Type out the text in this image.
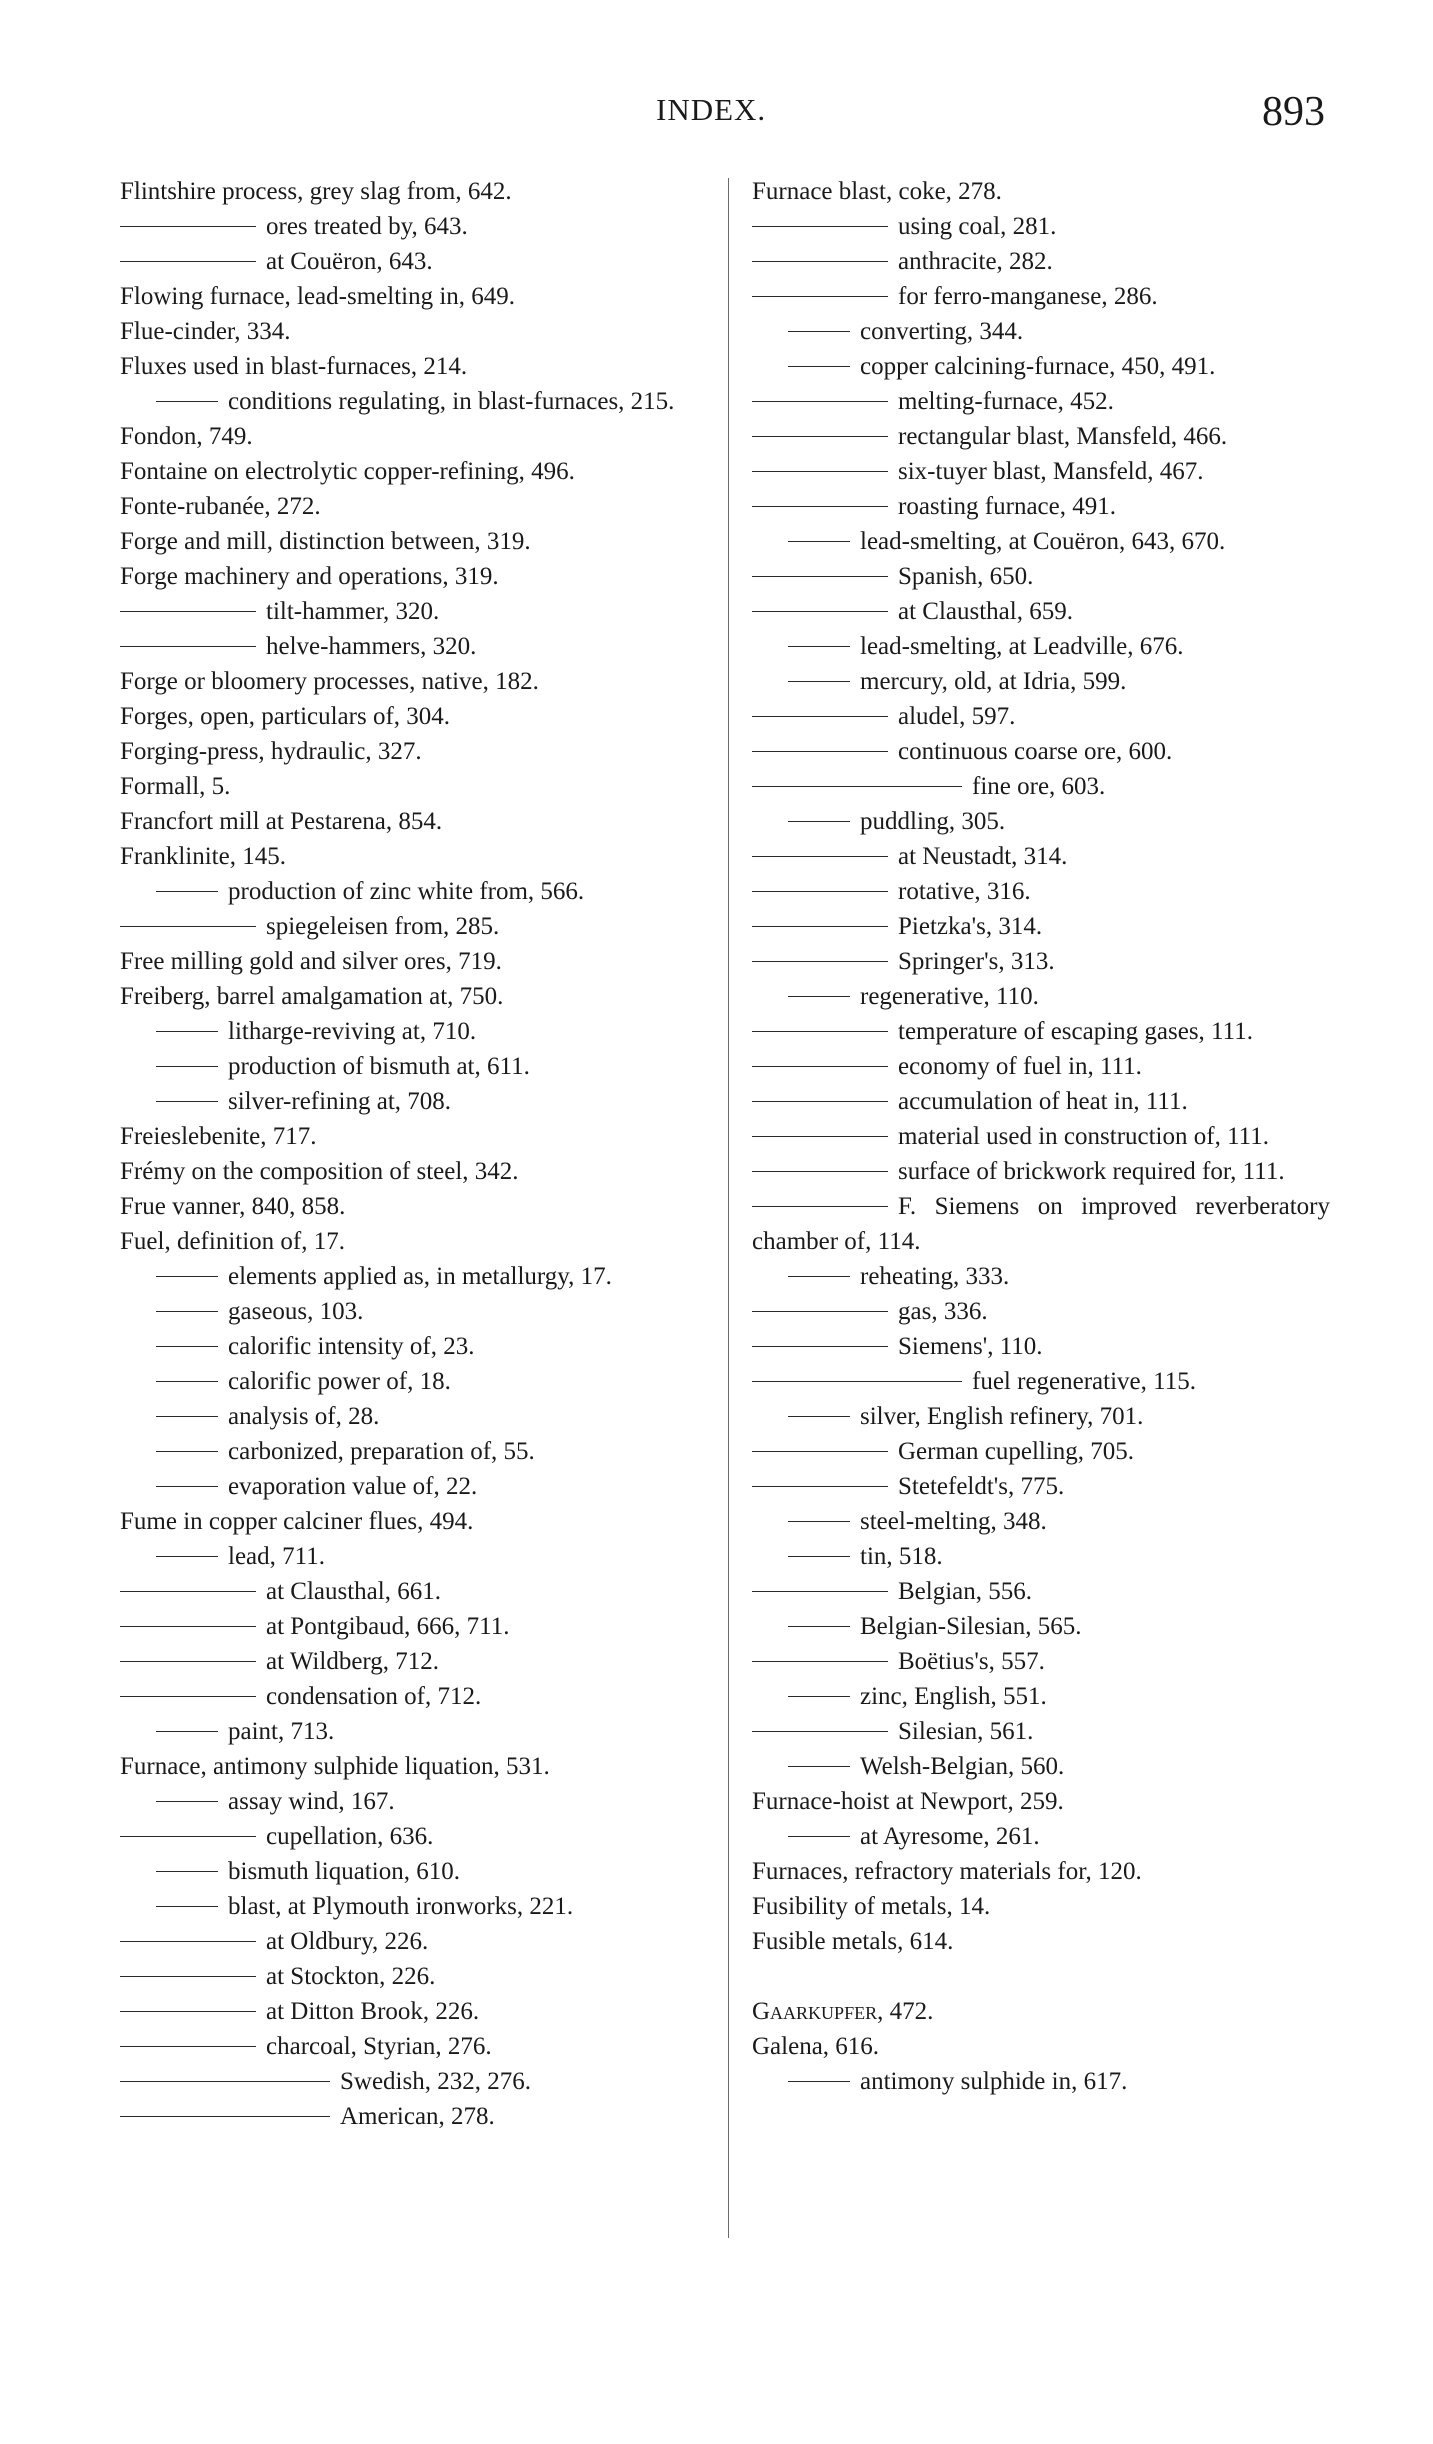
INDEX.	893
Flintshire process, grey slag from, 642.
ores treated by, 643.
at Couëron, 643.
Flowing furnace, lead-smelting in, 649.
Flue-cinder, 334.
Fluxes used in blast-furnaces, 214.
conditions regulating, in blast-furnaces, 215.
Fondon, 749.
Fontaine on electrolytic copper-refining, 496.
Fonte-rubanée, 272.
Forge and mill, distinction between, 319.
Forge machinery and operations, 319.
tilt-hammer, 320.
helve-hammers, 320.
Forge or bloomery processes, native, 182.
Forges, open, particulars of, 304.
Forging-press, hydraulic, 327.
Formall, 5.
Francfort mill at Pestarena, 854.
Franklinite, 145.
production of zinc white from, 566.
spiegeleisen from, 285.
Free milling gold and silver ores, 719.
Freiberg, barrel amalgamation at, 750.
litharge-reviving at, 710.
production of bismuth at, 611.
silver-refining at, 708.
Freieslebenite, 717.
Frémy on the composition of steel, 342.
Frue vanner, 840, 858.
Fuel, definition of, 17.
elements applied as, in metallurgy, 17.
gaseous, 103.
calorific intensity of, 23.
calorific power of, 18.
analysis of, 28.
carbonized, preparation of, 55.
evaporation value of, 22.
Fume in copper calciner flues, 494.
lead, 711.
at Clausthal, 661.
at Pontgibaud, 666, 711.
at Wildberg, 712.
condensation of, 712.
paint, 713.
Furnace, antimony sulphide liquation, 531.
assay wind, 167.
cupellation, 636.
bismuth liquation, 610.
blast, at Plymouth ironworks, 221.
at Oldbury, 226.
at Stockton, 226.
at Ditton Brook, 226.
charcoal, Styrian, 276.
Swedish, 232, 276.
American, 278.
Furnace blast, coke, 278.
using coal, 281.
anthracite, 282.
for ferro-manganese, 286.
converting, 344.
copper calcining-furnace, 450, 491.
melting-furnace, 452.
rectangular blast, Mansfeld, 466.
six-tuyer blast, Mansfeld, 467.
roasting furnace, 491.
lead-smelting, at Couëron, 643, 670.
Spanish, 650.
at Clausthal, 659.
lead-smelting, at Leadville, 676.
mercury, old, at Idria, 599.
aludel, 597.
continuous coarse ore, 600.
fine ore, 603.
puddling, 305.
at Neustadt, 314.
rotative, 316.
Pietzka's, 314.
Springer's, 313.
regenerative, 110.
temperature of escaping gases, 111.
economy of fuel in, 111.
accumulation of heat in, 111.
material used in construction of, 111.
surface of brickwork required for, 111.
F. Siemens on improved reverberatory chamber of, 114.
reheating, 333.
gas, 336.
Siemens', 110.
fuel regenerative, 115.
silver, English refinery, 701.
German cupelling, 705.
Stetefeldt's, 775.
steel-melting, 348.
tin, 518.
Belgian, 556.
Belgian-Silesian, 565.
Boëtius's, 557.
zinc, English, 551.
Silesian, 561.
Welsh-Belgian, 560.
Furnace-hoist at Newport, 259.
at Ayresome, 261.
Furnaces, refractory materials for, 120.
Fusibility of metals, 14.
Fusible metals, 614.
Gaarkupfer, 472.
Galena, 616.
antimony sulphide in, 617.
